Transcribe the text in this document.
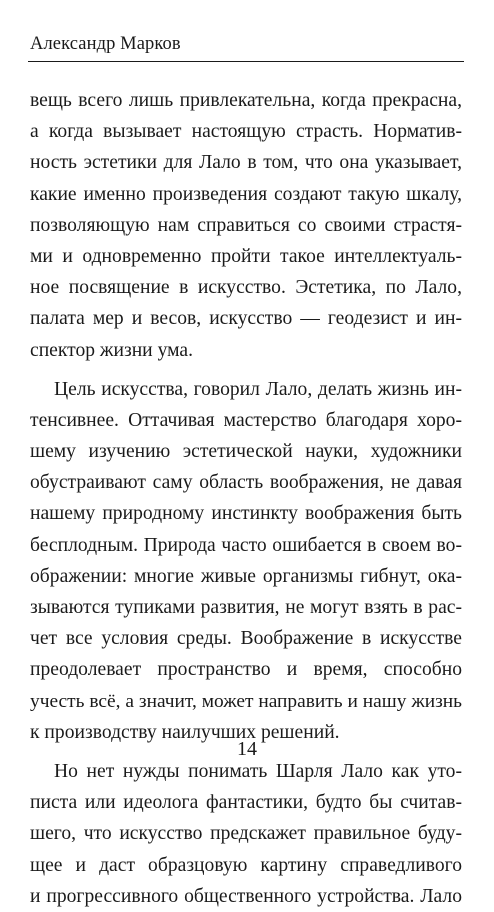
Александр Марков
вещь всего лишь привлекательна, когда прекрасна,
а когда вызывает настоящую страсть. Норматив-
ность эстетики для Лало в том, что она указывает,
какие именно произведения создают такую шкалу,
позволяющую нам справиться со своими страстя-
ми и одновременно пройти такое интеллектуаль-
ное посвящение в искусство. Эстетика, по Лало,
палата мер и весов, искусство — геодезист и ин-
спектор жизни ума.
Цель искусства, говорил Лало, делать жизнь ин-
тенсивнее. Оттачивая мастерство благодаря хоро-
шему изучению эстетической науки, художники
обустраивают саму область воображения, не давая
нашему природному инстинкту воображения быть
бесплодным. Природа часто ошибается в своем во-
ображении: многие живые организмы гибнут, ока-
зываются тупиками развития, не могут взять в рас-
чет все условия среды. Воображение в искусстве
преодолевает пространство и время, способно
учесть всё, а значит, может направить и нашу жизнь
к производству наилучших решений.
Но нет нужды понимать Шарля Лало как уто-
писта или идеолога фантастики, будто бы считав-
шего, что искусство предскажет правильное буду-
щее и даст образцовую картину справедливого
и прогрессивного общественного устройства. Лало
14
